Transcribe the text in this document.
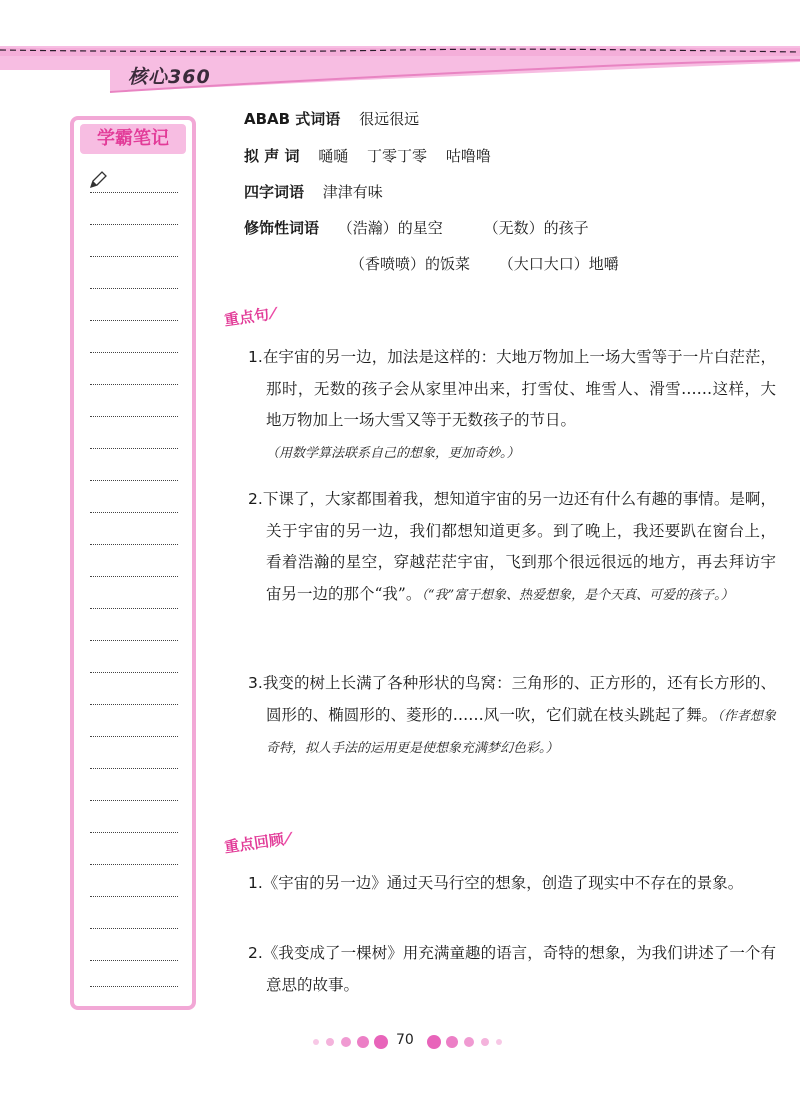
核心360
学霸笔记
ABAB 式词语 很远很远
拟 声 词 嗵嗵 丁零丁零 咕噜噜
四字词语 津津有味
修饰性词语 （浩瀚）的星空	（无数）的孩子
（香喷喷）的饭菜 （大口大口）地嚼
重点句⁄
1.在宇宙的另一边，加法是这样的：大地万物加上一场大雪等于一片白茫茫，那时，无数的孩子会从家里冲出来，打雪仗、堆雪人、滑雪……这样，大地万物加上一场大雪又等于无数孩子的节日。
（用数学算法联系自己的想象，更加奇妙。）
2.下课了，大家都围着我，想知道宇宙的另一边还有什么有趣的事情。是啊，关于宇宙的另一边，我们都想知道更多。到了晚上，我还要趴在窗台上，看着浩瀚的星空，穿越茫茫宇宙，飞到那个很远很远的地方，再去拜访宇宙另一边的那个“我”。（“我”富于想象、热爱想象，是个天真、可爱的孩子。）
3.我变的树上长满了各种形状的鸟窝：三角形的、正方形的，还有长方形的、圆形的、椭圆形的、菱形的……风一吹，它们就在枝头跳起了舞。（作者想象奇特，拟人手法的运用更是使想象充满梦幻色彩。）
重点回顾⁄
1.《宇宙的另一边》通过天马行空的想象，创造了现实中不存在的景象。
2.《我变成了一棵树》用充满童趣的语言，奇特的想象，为我们讲述了一个有意思的故事。
70
